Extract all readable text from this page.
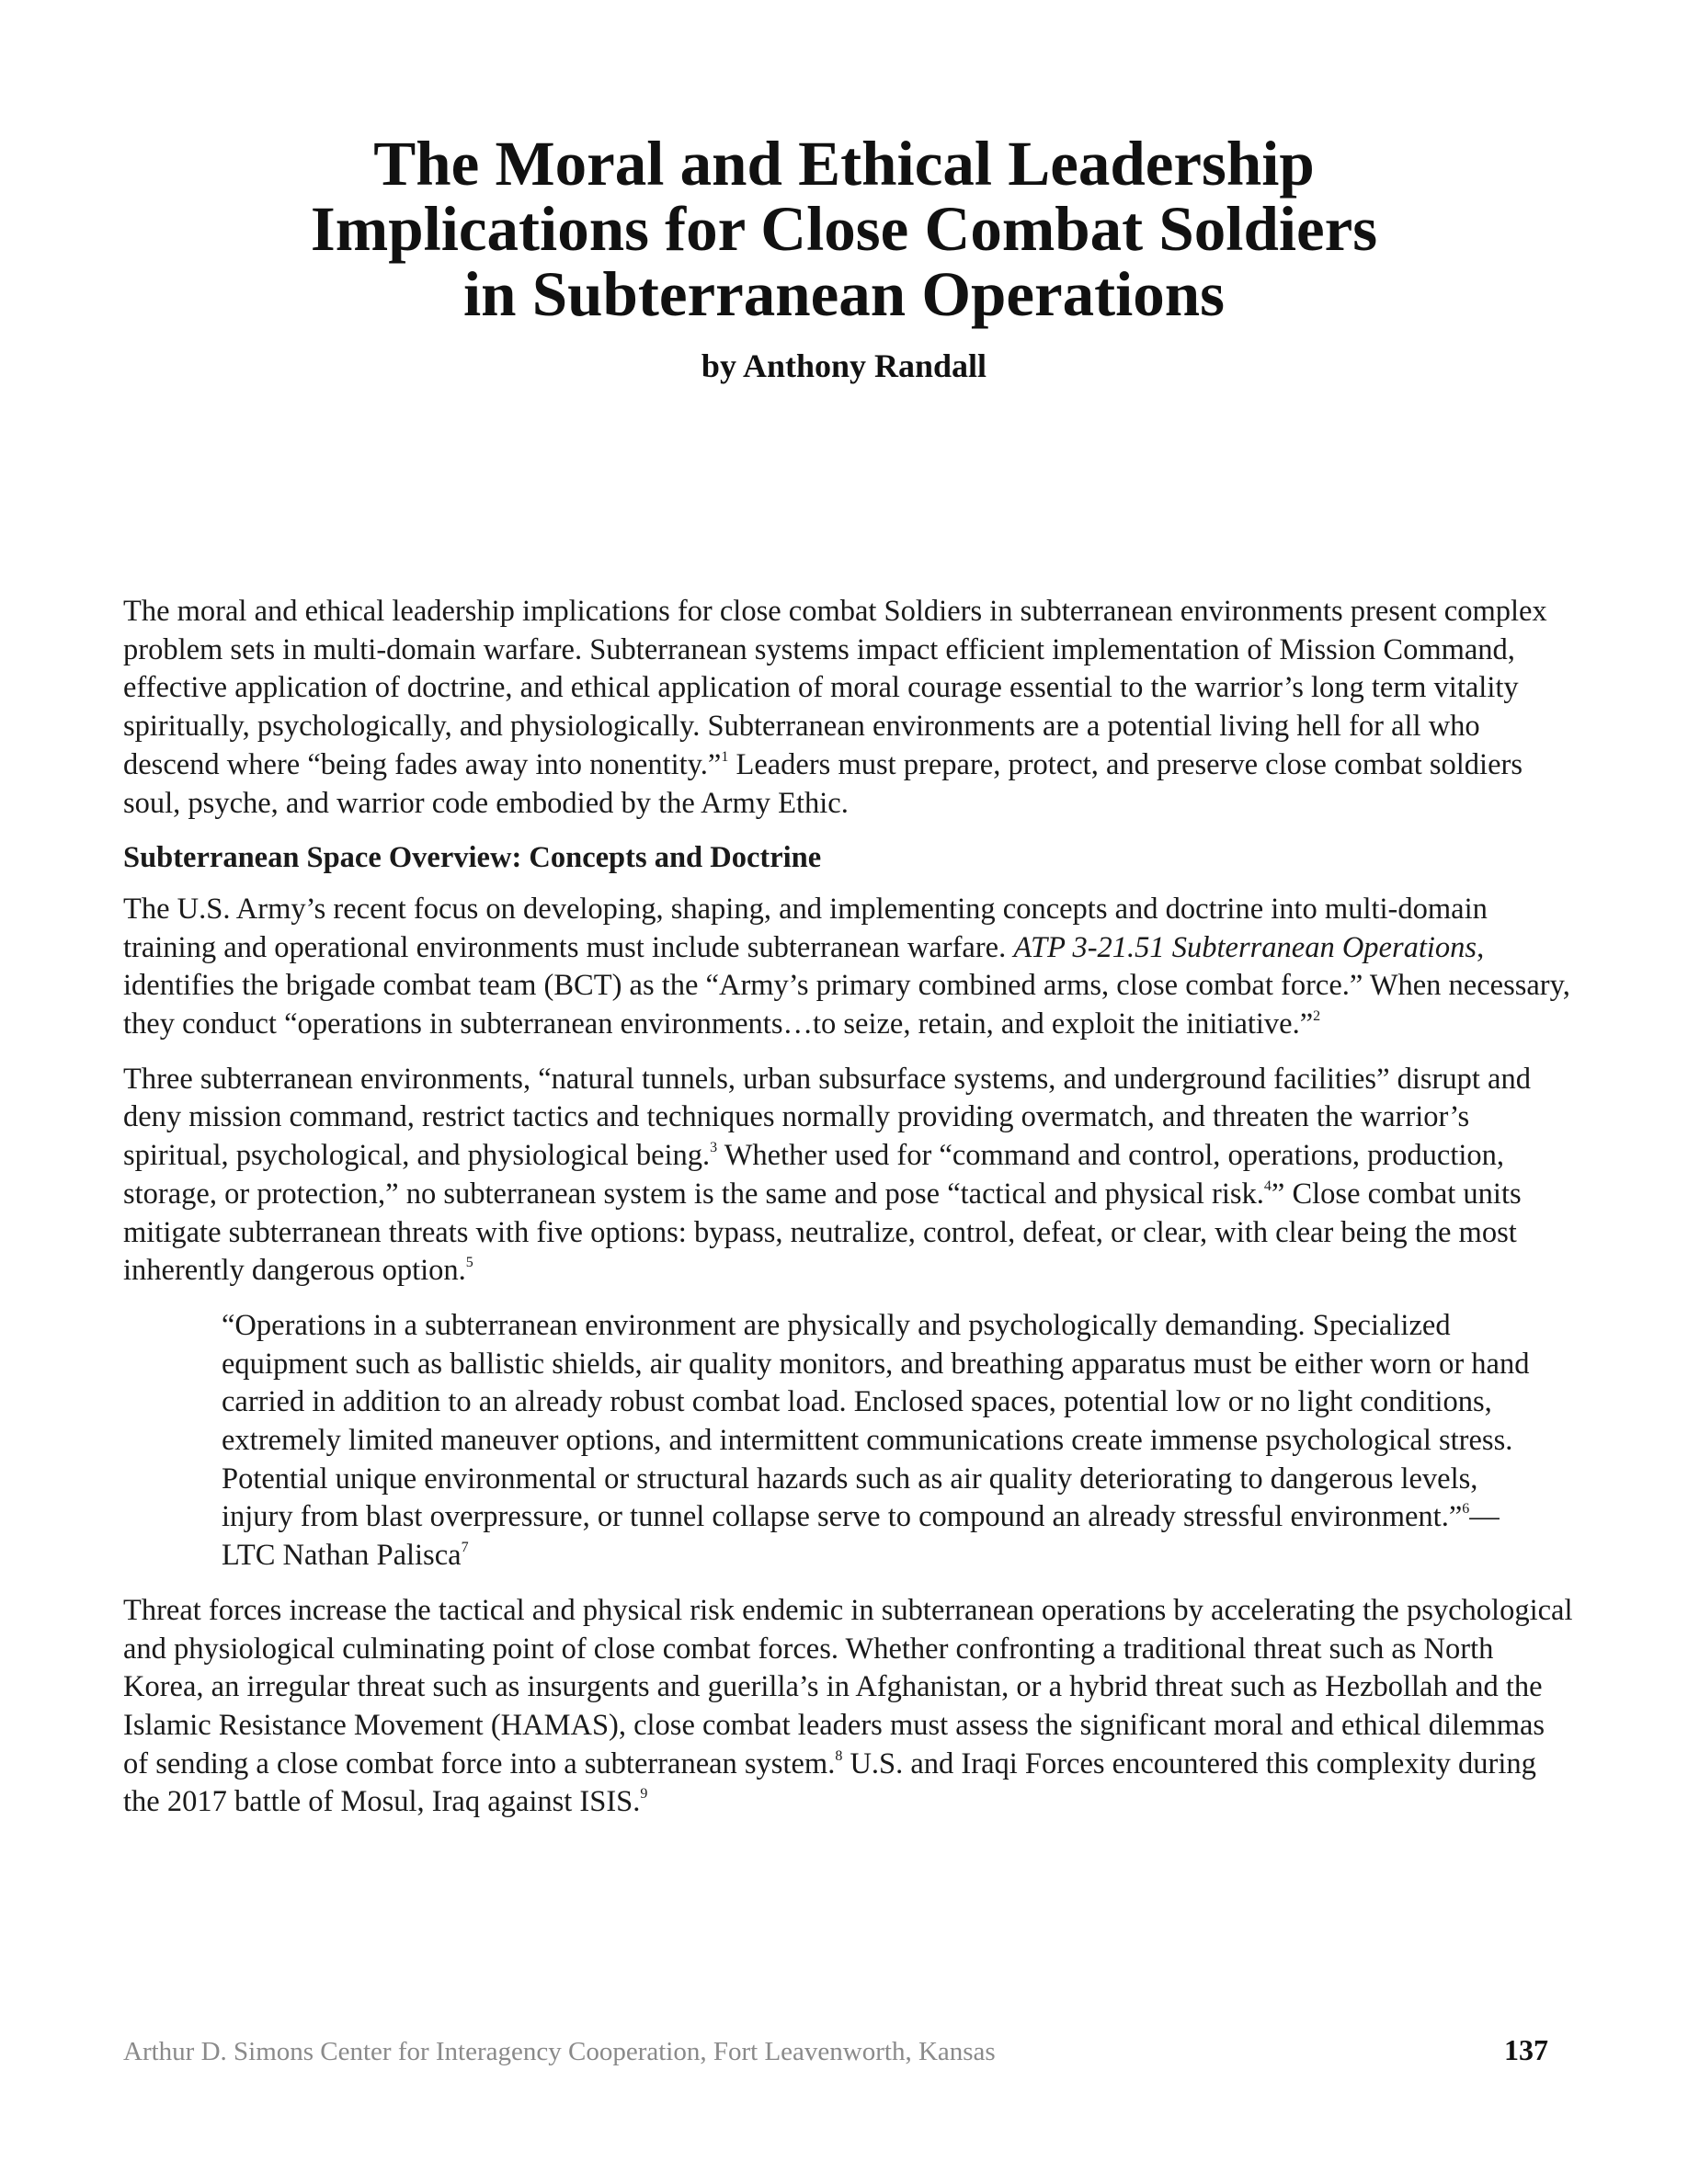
The Moral and Ethical Leadership
Implications for Close Combat Soldiers
in Subterranean Operations
by Anthony Randall

The moral and ethical leadership implications for close combat Soldiers in subterranean environments present complex problem sets in multi-domain warfare. Subterranean systems impact efficient implementation of Mission Command, effective application of doctrine, and ethical application of moral courage essential to the warrior’s long term vitality spiritually, psychologically, and physiologically. Subterranean environments are a potential living hell for all who descend where “being fades away into nonentity.”$^1$ Leaders must prepare, protect, and preserve close combat soldiers soul, psyche, and warrior code embodied by the Army Ethic.

Subterranean Space Overview: Concepts and Doctrine

The U.S. Army’s recent focus on developing, shaping, and implementing concepts and doctrine into multi-domain training and operational environments must include subterranean warfare. ATP 3-21.51 Subterranean Operations, identifies the brigade combat team (BCT) as the “Army’s primary combined arms, close combat force.” When necessary, they conduct “operations in subterranean environments…to seize, retain, and exploit the initiative.”$^2$

Three subterranean environments, “natural tunnels, urban subsurface systems, and underground facilities” disrupt and deny mission command, restrict tactics and techniques normally providing overmatch, and threaten the warrior’s spiritual, psychological, and physiological being.$^3$ Whether used for “command and control, operations, production, storage, or protection,” no subterranean system is the same and pose “tactical and physical risk.$^4$” Close combat units mitigate subterranean threats with five options: bypass, neutralize, control, defeat, or clear, with clear being the most inherently dangerous option.$^5$

“Operations in a subterranean environment are physically and psychologically demanding. Specialized equipment such as ballistic shields, air quality monitors, and breathing apparatus must be either worn or hand carried in addition to an already robust combat load. Enclosed spaces, potential low or no light conditions, extremely limited maneuver options, and intermittent communications create immense psychological stress. Potential unique environmental or structural hazards such as air quality deteriorating to dangerous levels, injury from blast overpressure, or tunnel collapse serve to compound an already stressful environment.”$^6$—LTC Nathan Palisca$^7$

Threat forces increase the tactical and physical risk endemic in subterranean operations by accelerating the psychological and physiological culminating point of close combat forces. Whether confronting a traditional threat such as North Korea, an irregular threat such as insurgents and guerilla’s in Afghanistan, or a hybrid threat such as Hezbollah and the Islamic Resistance Movement (HAMAS), close combat leaders must assess the significant moral and ethical dilemmas of sending a close combat force into a subterranean system.$^8$ U.S. and Iraqi Forces encountered this complexity during the 2017 battle of Mosul, Iraq against ISIS.$^9$

Arthur D. Simons Center for Interagency Cooperation, Fort Leavenworth, Kansas	137
